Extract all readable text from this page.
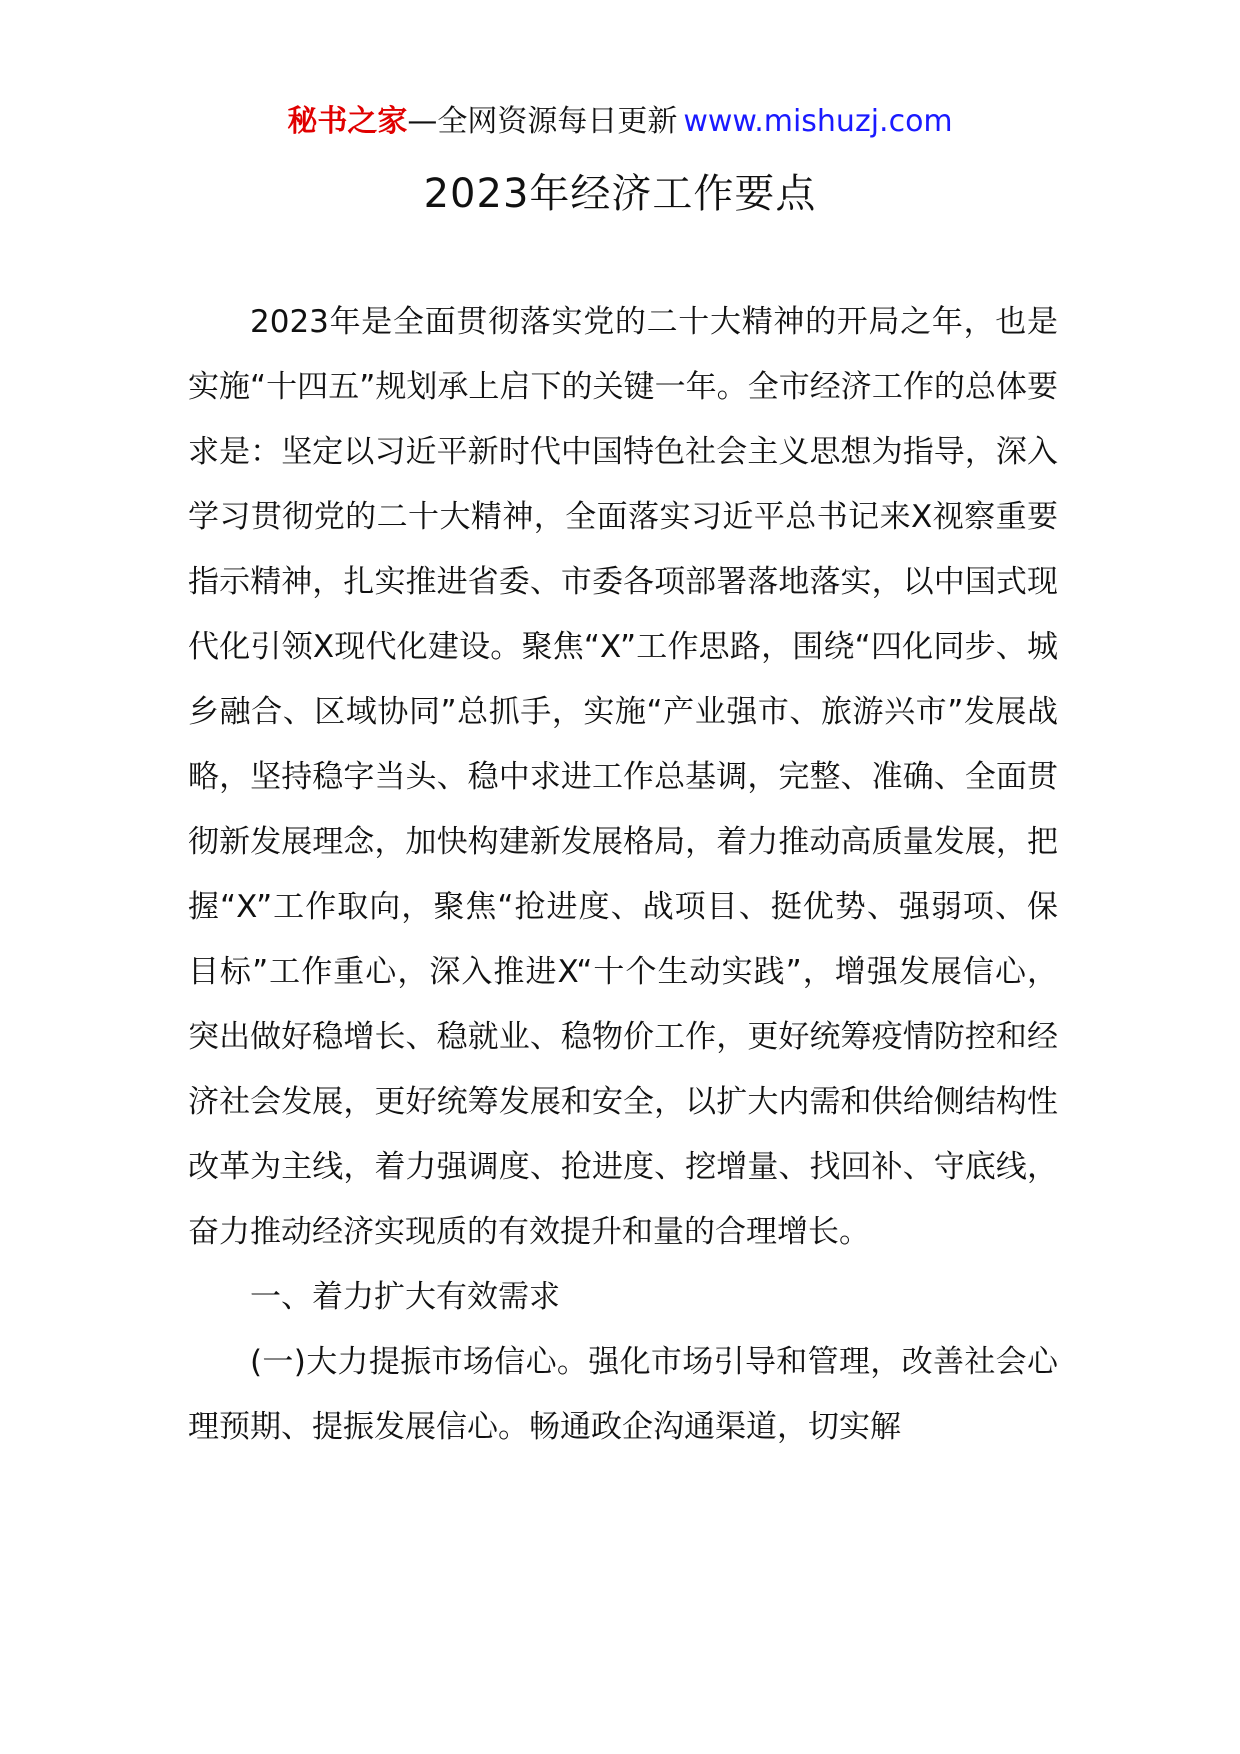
秘书之家—全网资源每日更新 www.mishuzj.com
2023年经济工作要点

2023年是全面贯彻落实党的二十大精神的开局之年，也是实施“十四五”规划承上启下的关键一年。全市经济工作的总体要求是：坚定以习近平新时代中国特色社会主义思想为指导，深入学习贯彻党的二十大精神，全面落实习近平总书记来X视察重要指示精神，扎实推进省委、市委各项部署落地落实，以中国式现代化引领X现代化建设。聚焦“X”工作思路，围绕“四化同步、城乡融合、区域协同”总抓手，实施“产业强市、旅游兴市”发展战略，坚持稳字当头、稳中求进工作总基调，完整、准确、全面贯彻新发展理念，加快构建新发展格局，着力推动高质量发展，把握“X”工作取向，聚焦“抢进度、战项目、挺优势、强弱项、保目标”工作重心，深入推进X“十个生动实践”，增强发展信心，突出做好稳增长、稳就业、稳物价工作，更好统筹疫情防控和经济社会发展，更好统筹发展和安全，以扩大内需和供给侧结构性改革为主线，着力强调度、抢进度、挖增量、找回补、守底线，奋力推动经济实现质的有效提升和量的合理增长。

一、着力扩大有效需求

(一)大力提振市场信心。强化市场引导和管理，改善社会心理预期、提振发展信心。畅通政企沟通渠道，切实解
